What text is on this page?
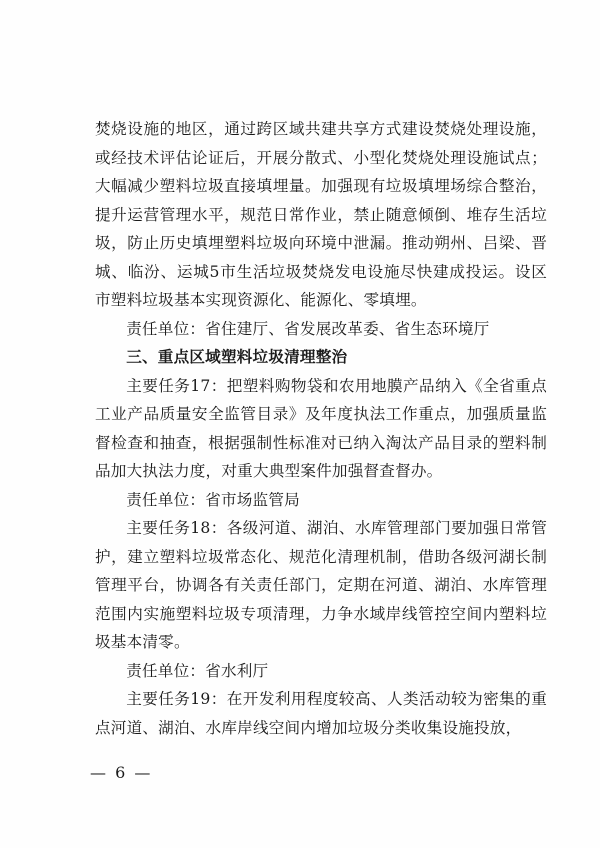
焚烧设施的地区，通过跨区域共建共享方式建设焚烧处理设施，或经技术评估论证后，开展分散式、小型化焚烧处理设施试点；大幅减少塑料垃圾直接填埋量。加强现有垃圾填埋场综合整治，提升运营管理水平，规范日常作业，禁止随意倾倒、堆存生活垃圾，防止历史填埋塑料垃圾向环境中泄漏。推动朔州、吕梁、晋城、临汾、运城5市生活垃圾焚烧发电设施尽快建成投运。设区市塑料垃圾基本实现资源化、能源化、零填埋。

责任单位：省住建厅、省发展改革委、省生态环境厅

三、重点区域塑料垃圾清理整治

主要任务17：把塑料购物袋和农用地膜产品纳入《全省重点工业产品质量安全监管目录》及年度执法工作重点，加强质量监督检查和抽查，根据强制性标准对已纳入淘汰产品目录的塑料制品加大执法力度，对重大典型案件加强督查督办。

责任单位：省市场监管局

主要任务18：各级河道、湖泊、水库管理部门要加强日常管护，建立塑料垃圾常态化、规范化清理机制，借助各级河湖长制管理平台，协调各有关责任部门，定期在河道、湖泊、水库管理范围内实施塑料垃圾专项清理，力争水域岸线管控空间内塑料垃圾基本清零。

责任单位：省水利厅

主要任务19：在开发利用程度较高、人类活动较为密集的重点河道、湖泊、水库岸线空间内增加垃圾分类收集设施投放，

— 6 —
